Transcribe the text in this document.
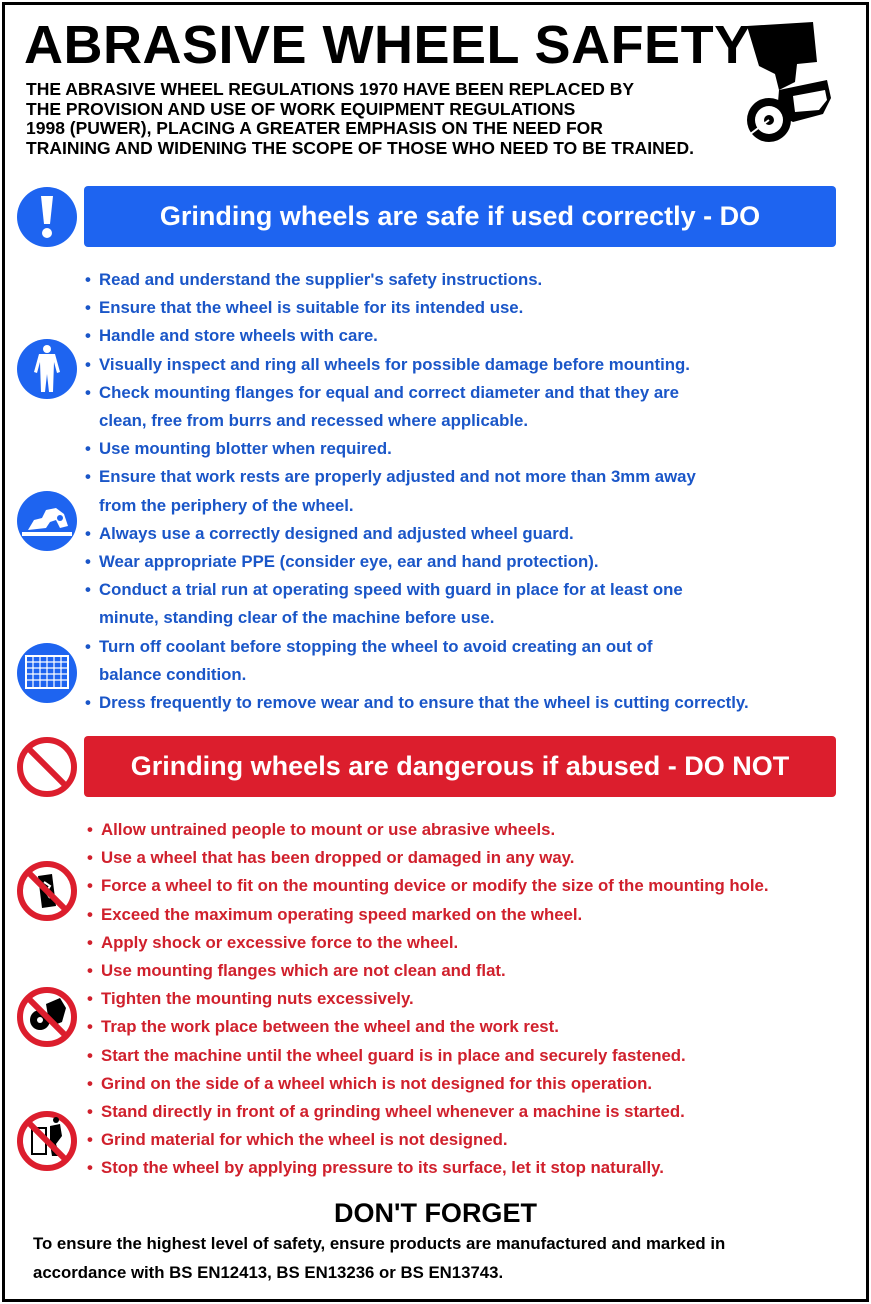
ABRASIVE WHEEL SAFETY
THE ABRASIVE WHEEL REGULATIONS 1970 HAVE BEEN REPLACED BY
THE PROVISION AND USE OF WORK EQUIPMENT REGULATIONS
1998 (PUWER), PLACING A GREATER EMPHASIS ON THE NEED FOR
TRAINING AND WIDENING THE SCOPE OF THOSE WHO NEED TO BE TRAINED.
Grinding wheels are safe if used correctly - DO
• Read and understand the supplier's safety instructions.
• Ensure that the wheel is suitable for its intended use.
• Handle and store wheels with care.
• Visually inspect and ring all wheels for possible damage before mounting.
• Check mounting flanges for equal and correct diameter and that they are
clean, free from burrs and recessed where applicable.
• Use mounting blotter when required.
• Ensure that work rests are properly adjusted and not more than 3mm away
from the periphery of the wheel.
• Always use a correctly designed and adjusted wheel guard.
• Wear appropriate PPE (consider eye, ear and hand protection).
• Conduct a trial run at operating speed with guard in place for at least one
minute, standing clear of the machine before use.
• Turn off coolant before stopping the wheel to avoid creating an out of
balance condition.
• Dress frequently to remove wear and to ensure that the wheel is cutting correctly.
Grinding wheels are dangerous if abused - DO NOT
• Allow untrained people to mount or use abrasive wheels.
• Use a wheel that has been dropped or damaged in any way.
• Force a wheel to fit on the mounting device or modify the size of the mounting hole.
• Exceed the maximum operating speed marked on the wheel.
• Apply shock or excessive force to the wheel.
• Use mounting flanges which are not clean and flat.
• Tighten the mounting nuts excessively.
• Trap the work place between the wheel and the work rest.
• Start the machine until the wheel guard is in place and securely fastened.
• Grind on the side of a wheel which is not designed for this operation.
• Stand directly in front of a grinding wheel whenever a machine is started.
• Grind material for which the wheel is not designed.
• Stop the wheel by applying pressure to its surface, let it stop naturally.
DON'T FORGET
To ensure the highest level of safety, ensure products are manufactured and marked in
accordance with BS EN12413, BS EN13236 or BS EN13743.
